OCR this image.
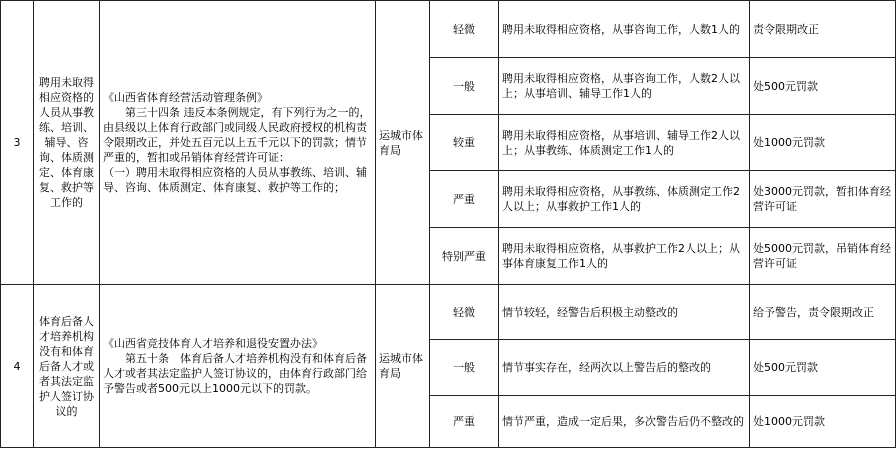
3	聘用未取得相应资格的人员从事教练、培训、辅导、咨询、体质测定、体育康复、救护等工作的	《山西省体育经营活动管理条例》
第三十四条 违反本条例规定，有下列行为之一的，由县级以上体育行政部门或同级人民政府授权的机构责令限期改正，并处五百元以上五千元以下的罚款；情节严重的，暂扣或吊销体育经营许可证：
（一）聘用未取得相应资格的人员从事教练、培训、辅导、咨询、体质测定、体育康复、救护等工作的；	运城市体育局	轻微	聘用未取得相应资格，从事咨询工作，人数1人的	责令限期改正
				一般	聘用未取得相应资格，从事咨询工作，人数2人以上；从事培训、辅导工作1人的	处500元罚款
				较重	聘用未取得相应资格，从事培训、辅导工作2人以上；从事教练、体质测定工作1人的	处1000元罚款
				严重	聘用未取得相应资格，从事教练、体质测定工作2人以上；从事救护工作1人的	处3000元罚款，暂扣体育经营许可证
				特别严重	聘用未取得相应资格，从事救护工作2人以上；从事体育康复工作1人的	处5000元罚款，吊销体育经营许可证
4	体育后备人才培养机构没有和体育后备人才或者其法定监护人签订协议的	《山西省竞技体育人才培养和退役安置办法》
第五十条　体育后备人才培养机构没有和体育后备人才或者其法定监护人签订协议的，由体育行政部门给予警告或者500元以上1000元以下的罚款。	运城市体育局	轻微	情节较轻，经警告后积极主动整改的	给予警告，责令限期改正
				一般	情节事实存在，经两次以上警告后的整改的	处500元罚款
				严重	情节严重，造成一定后果，多次警告后仍不整改的	处1000元罚款
